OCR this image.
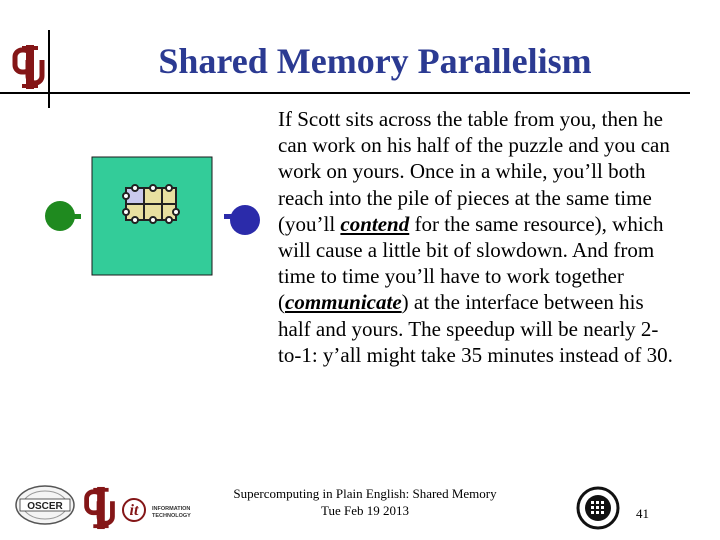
Shared Memory Parallelism
If Scott sits across the table from you, then he can work on his half of the puzzle and you can work on yours. Once in a while, you’ll both reach into the pile of pieces at the same time (you’ll contend for the same resource), which will cause a little bit of slowdown. And from time to time you’ll have to work together (communicate) at the interface between his half and yours. The speedup will be nearly 2-to-1: y’all might take 35 minutes instead of 30.
OSCER	it INFORMATION
TECHNOLOGY
Supercomputing in Plain English: Shared Memory
Tue Feb 19 2013	41
